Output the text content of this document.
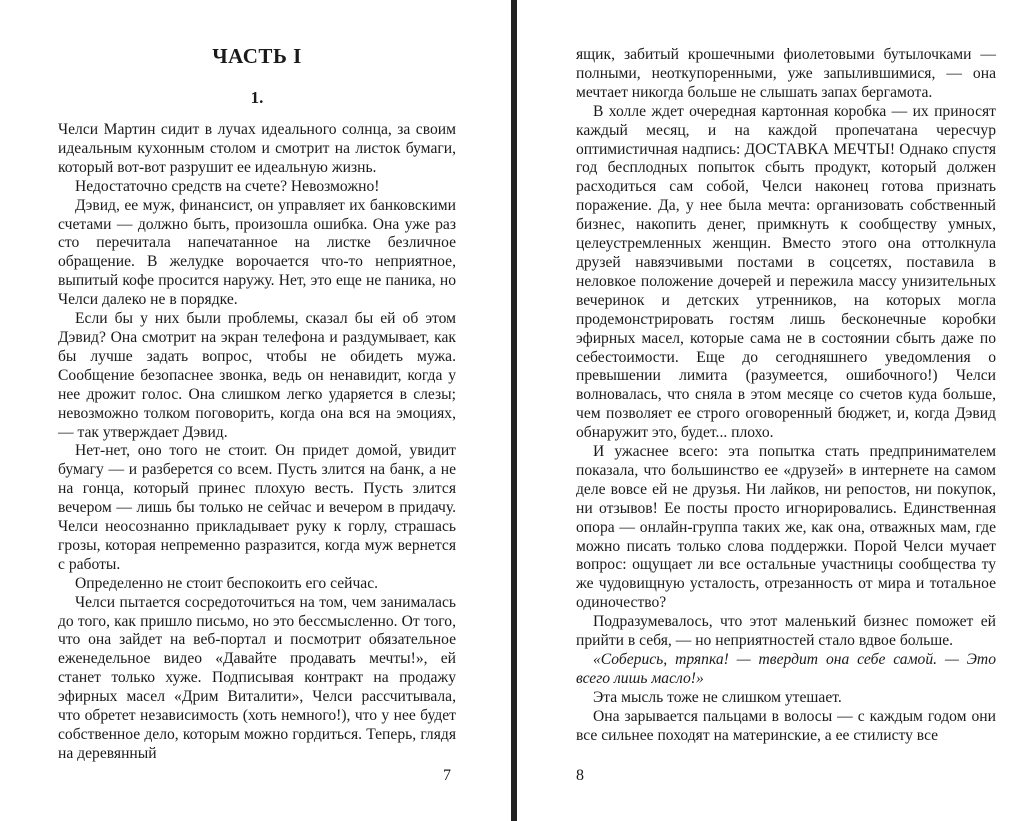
ЧАСТЬ I
1.

Челси Мартин сидит в лучах идеального солнца, за своим идеальным кухонным столом и смотрит на листок бумаги, который вот-вот разрушит ее идеальную жизнь.

Недостаточно средств на счете? Невозможно!

Дэвид, ее муж, финансист, он управляет их банковскими счетами — должно быть, произошла ошибка. Она уже раз сто перечитала напечатанное на листке безличное обращение. В желудке ворочается что-то неприятное, выпитый кофе просится наружу. Нет, это еще не паника, но Челси далеко не в порядке.

Если бы у них были проблемы, сказал бы ей об этом Дэвид? Она смотрит на экран телефона и раздумывает, как бы лучше задать вопрос, чтобы не обидеть мужа. Сообщение безопаснее звонка, ведь он ненавидит, когда у нее дрожит голос. Она слишком легко ударяется в слезы; невозможно толком поговорить, когда она вся на эмоциях, — так утверждает Дэвид.

Нет-нет, оно того не стоит. Он придет домой, увидит бумагу — и разберется со всем. Пусть злится на банк, а не на гонца, который принес плохую весть. Пусть злится вечером — лишь бы только не сейчас и вечером в придачу. Челси неосознанно прикладывает руку к горлу, страшась грозы, которая непременно разразится, когда муж вернется с работы.

Определенно не стоит беспокоить его сейчас.

Челси пытается сосредоточиться на том, чем занималась до того, как пришло письмо, но это бессмысленно. От того, что она зайдет на веб-портал и посмотрит обязательное еженедельное видео «Давайте продавать мечты!», ей станет только хуже. Подписывая контракт на продажу эфирных масел «Дрим Виталити», Челси рассчитывала, что обретет независимость (хоть немного!), что у нее будет собственное дело, которым можно гордиться. Теперь, глядя на деревянный

7

ящик, забитый крошечными фиолетовыми бутылочками — полными, неоткупоренными, уже запылившимися, — она мечтает никогда больше не слышать запах бергамота.

В холле ждет очередная картонная коробка — их приносят каждый месяц, и на каждой пропечатана чересчур оптимистичная надпись: ДОСТАВКА МЕЧТЫ! Однако спустя год бесплодных попыток сбыть продукт, который должен расходиться сам собой, Челси наконец готова признать поражение. Да, у нее была мечта: организовать собственный бизнес, накопить денег, примкнуть к сообществу умных, целеустремленных женщин. Вместо этого она оттолкнула друзей навязчивыми постами в соцсетях, поставила в неловкое положение дочерей и пережила массу унизительных вечеринок и детских утренников, на которых могла продемонстрировать гостям лишь бесконечные коробки эфирных масел, которые сама не в состоянии сбыть даже по себестоимости. Еще до сегодняшнего уведомления о превышении лимита (разумеется, ошибочного!) Челси волновалась, что сняла в этом месяце со счетов куда больше, чем позволяет ее строго оговоренный бюджет, и, когда Дэвид обнаружит это, будет... плохо.

И ужаснее всего: эта попытка стать предпринимателем показала, что большинство ее «друзей» в интернете на самом деле вовсе ей не друзья. Ни лайков, ни репостов, ни покупок, ни отзывов! Ее посты просто игнорировались. Единственная опора — онлайн-группа таких же, как она, отважных мам, где можно писать только слова поддержки. Порой Челси мучает вопрос: ощущает ли все остальные участницы сообщества ту же чудовищную усталость, отрезанность от мира и тотальное одиночество?

Подразумевалось, что этот маленький бизнес поможет ей прийти в себя, — но неприятностей стало вдвое больше.

«Соберись, тряпка! — твердит она себе самой. — Это всего лишь масло!»

Эта мысль тоже не слишком утешает.

Она зарывается пальцами в волосы — с каждым годом они все сильнее походят на материнские, а ее стилисту все

8
